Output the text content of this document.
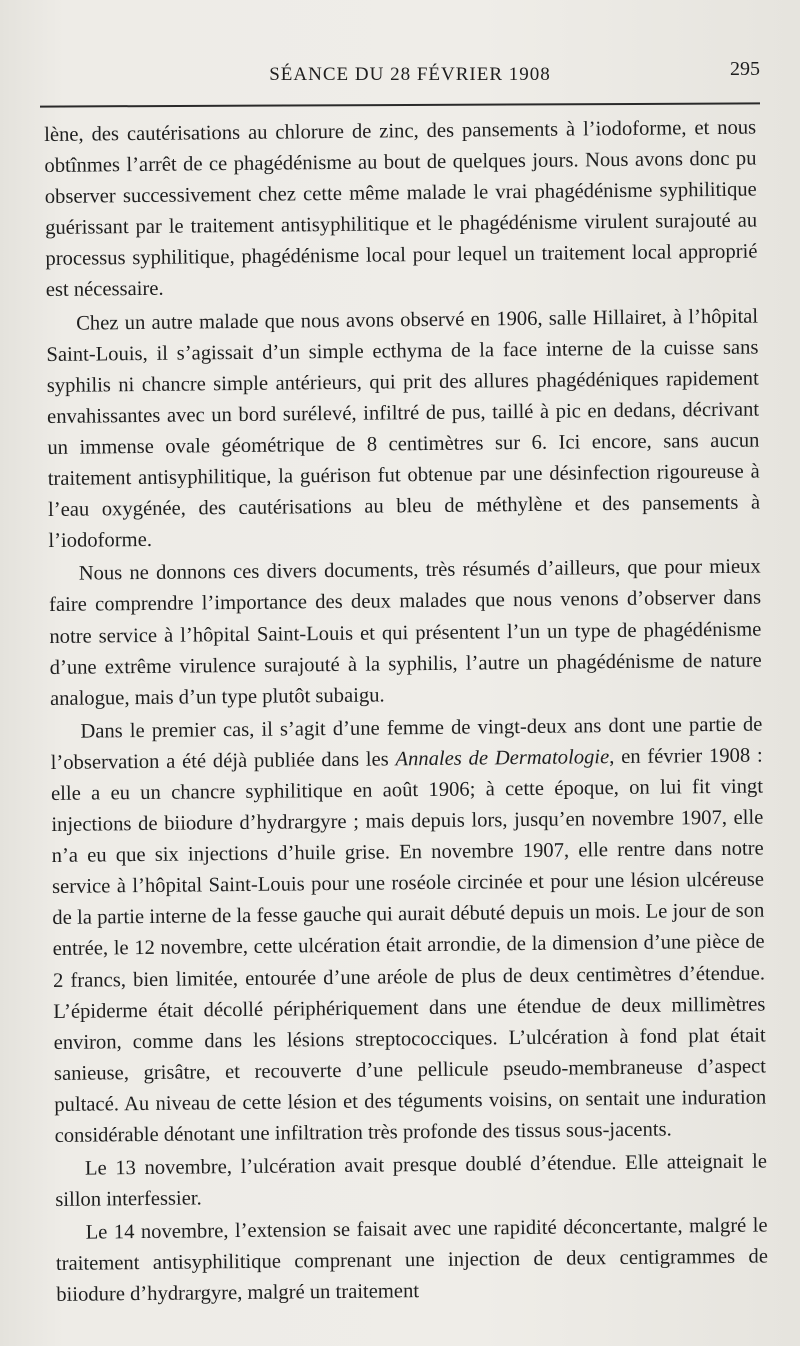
SÉANCE DU 28 FÉVRIER 1908	295

lène, des cautérisations au chlorure de zinc, des pansements à l’iodoforme, et nous obtînmes l’arrêt de ce phagédénisme au bout de quelques jours. Nous avons donc pu observer successivement chez cette même malade le vrai phagédénisme syphilitique guérissant par le traitement antisyphilitique et le phagédénisme virulent surajouté au processus syphilitique, phagédénisme local pour lequel un traitement local approprié est nécessaire.

Chez un autre malade que nous avons observé en 1906, salle Hillairet, à l’hôpital Saint-Louis, il s’agissait d’un simple ecthyma de la face interne de la cuisse sans syphilis ni chancre simple antérieurs, qui prit des allures phagédéniques rapidement envahissantes avec un bord surélevé, infiltré de pus, taillé à pic en dedans, décrivant un immense ovale géométrique de 8 centimètres sur 6. Ici encore, sans aucun traitement antisyphilitique, la guérison fut obtenue par une désinfection rigoureuse à l’eau oxygénée, des cautérisations au bleu de méthylène et des pansements à l’iodoforme.

Nous ne donnons ces divers documents, très résumés d’ailleurs, que pour mieux faire comprendre l’importance des deux malades que nous venons d’observer dans notre service à l’hôpital Saint-Louis et qui présentent l’un un type de phagédénisme d’une extrême virulence surajouté à la syphilis, l’autre un phagédénisme de nature analogue, mais d’un type plutôt subaigu.

Dans le premier cas, il s’agit d’une femme de vingt-deux ans dont une partie de l’observation a été déjà publiée dans les Annales de Dermatologie, en février 1908 : elle a eu un chancre syphilitique en août 1906; à cette époque, on lui fit vingt injections de biiodure d’hydrargyre ; mais depuis lors, jusqu’en novembre 1907, elle n’a eu que six injections d’huile grise. En novembre 1907, elle rentre dans notre service à l’hôpital Saint-Louis pour une roséole circinée et pour une lésion ulcéreuse de la partie interne de la fesse gauche qui aurait débuté depuis un mois. Le jour de son entrée, le 12 novembre, cette ulcération était arrondie, de la dimension d’une pièce de 2 francs, bien limitée, entourée d’une aréole de plus de deux centimètres d’étendue. L’épiderme était décollé périphériquement dans une étendue de deux millimètres environ, comme dans les lésions streptococciques. L’ulcération à fond plat était sanieuse, grisâtre, et recouverte d’une pellicule pseudo-membraneuse d’aspect pultacé. Au niveau de cette lésion et des téguments voisins, on sentait une induration considérable dénotant une infiltration très profonde des tissus sous-jacents.

Le 13 novembre, l’ulcération avait presque doublé d’étendue. Elle atteignait le sillon interfessier.

Le 14 novembre, l’extension se faisait avec une rapidité déconcertante, malgré le traitement antisyphilitique comprenant une injection de deux centigrammes de biiodure d’hydrargyre, malgré un traitement
